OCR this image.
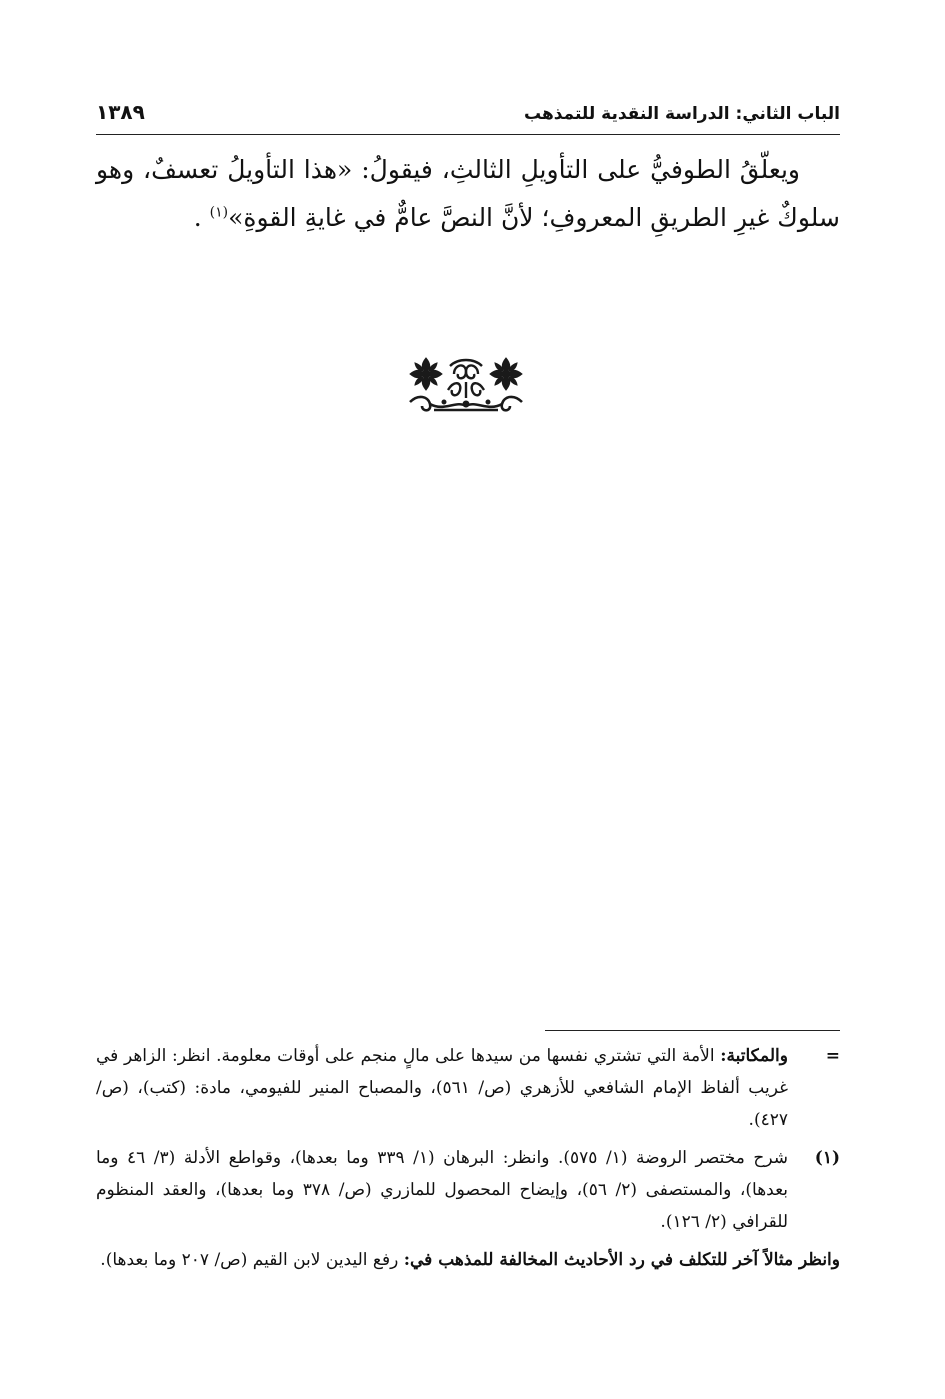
الباب الثاني: الدراسة النقدية للتمذهب
١٣٨٩

ويعلّقُ الطوفيُّ على التأويلِ الثالثِ، فيقولُ: «هذا التأويلُ تعسفٌ، وهو سلوكٌ غيرِ الطريقِ المعروفِ؛ لأنَّ النصَّ عامٌّ في غايةِ القوةِ»$^{(١)}$ .

=
والمكاتبة: الأمة التي تشتري نفسها من سيدها على مالٍ منجم على أوقات معلومة. انظر: الزاهر في غريب ألفاظ الإمام الشافعي للأزهري (ص/ ٥٦١)، والمصباح المنير للفيومي، مادة: (كتب)، (ص/ ٤٢٧).
(١)
شرح مختصر الروضة (١/ ٥٧٥). وانظر: البرهان (١/ ٣٣٩ وما بعدها)، وقواطع الأدلة (٣/ ٤٦ وما بعدها)، والمستصفى (٢/ ٥٦)، وإيضاح المحصول للمازري (ص/ ٣٧٨ وما بعدها)، والعقد المنظوم للقرافي (٢/ ١٢٦).
وانظر مثالاً آخر للتكلف في رد الأحاديث المخالفة للمذهب في: رفع اليدين لابن القيم (ص/ ٢٠٧ وما بعدها).
